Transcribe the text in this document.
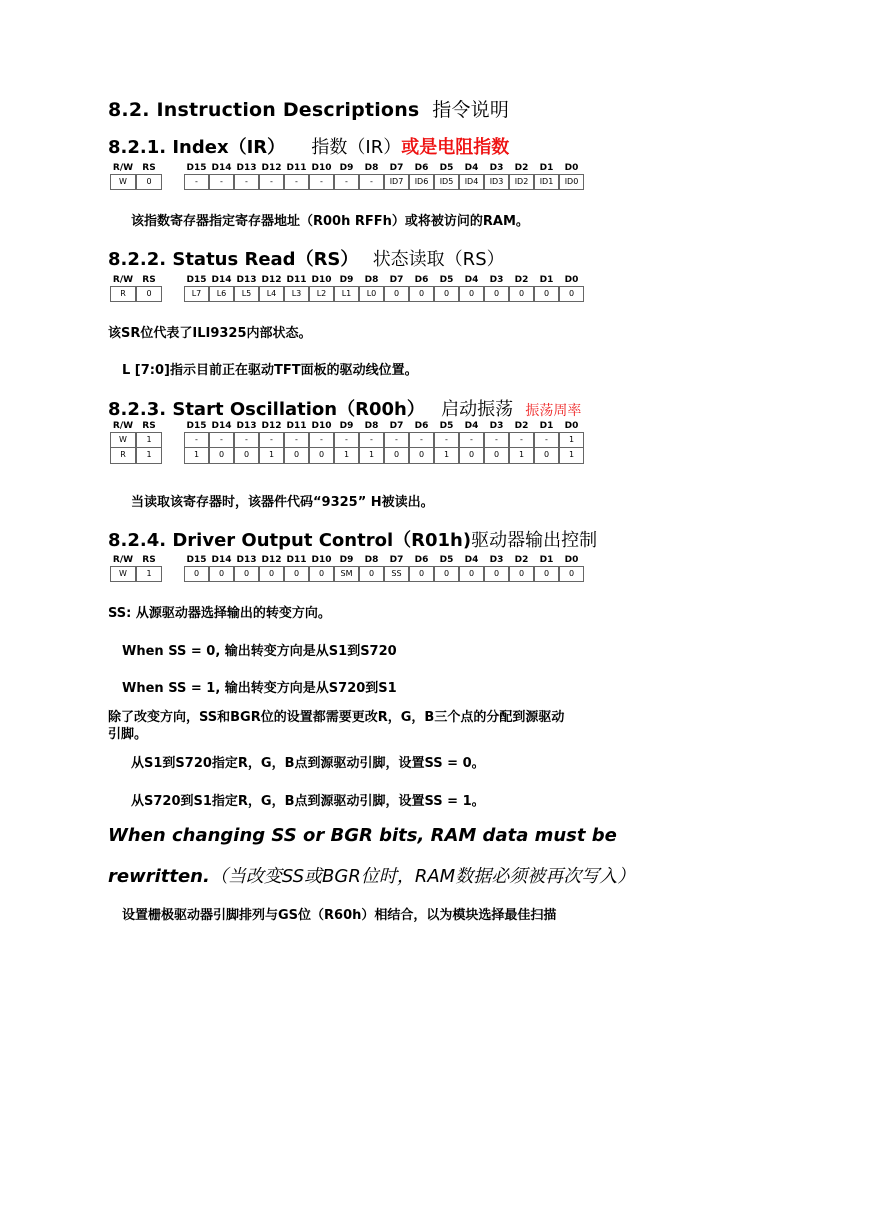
8.2. Instruction Descriptions 指令说明
8.2.1. Index（IR） 指数（IR）或是电阻指数
R/W	RS	D15 D14 D13 D12 D11 D10 D9	D8	D7	D6	D5	D4	D3	D2	D1	D0
W	0	-	-	-	-	-	-	-	-	ID7	ID6	ID5	ID4	ID3	ID2	ID1	ID0
该指数寄存器指定寄存器地址（R00h RFFh）或将被访问的RAM。
8.2.2. Status Read（RS） 状态读取（RS）
R/W	RS	D15 D14 D13 D12 D11 D10 D9	D8	D7	D6	D5	D4	D3	D2	D1	D0
R	0	L7	L6	L5	L4	L3	L2	L1	L0	0	0	0	0	0	0	0	0
该SR位代表了ILI9325内部状态。
L [7:0]指示目前正在驱动TFT面板的驱动线位置。
8.2.3. Start Oscillation（R00h） 启动振荡 振荡周率
R/W	RS	D15 D14 D13 D12 D11 D10 D9	D8	D7	D6	D5	D4	D3	D2	D1	D0
W	1	-	-	-	-	-	-	-	-	-	-	-	-	-	-	-	1
R	1	1	0	0	1	0	0	1	1	0	0	1	0	0	1	0	1
当读取该寄存器时，该器件代码“9325” H被读出。
8.2.4. Driver Output Control（R01h)驱动器输出控制
R/W	RS	D15 D14 D13 D12 D11 D10 D9	D8	D7	D6	D5	D4	D3	D2	D1	D0
W	1	0	0	0	0	0	0	SM	0	SS	0	0	0	0	0	0	0
SS: 从源驱动器选择输出的转变方向。
When SS = 0, 输出转变方向是从S1到S720
When SS = 1, 输出转变方向是从S720到S1
除了改变方向，SS和BGR位的设置都需要更改R，G，B三个点的分配到源驱动
引脚。
从S1到S720指定R，G，B点到源驱动引脚，设置SS = 0。
从S720到S1指定R，G，B点到源驱动引脚，设置SS = 1。
When changing SS or BGR bits, RAM data must be
rewritten.（当改变SS或BGR位时，RAM数据必须被再次写入）
设置栅极驱动器引脚排列与GS位（R60h）相结合，以为模块选择最佳扫描
